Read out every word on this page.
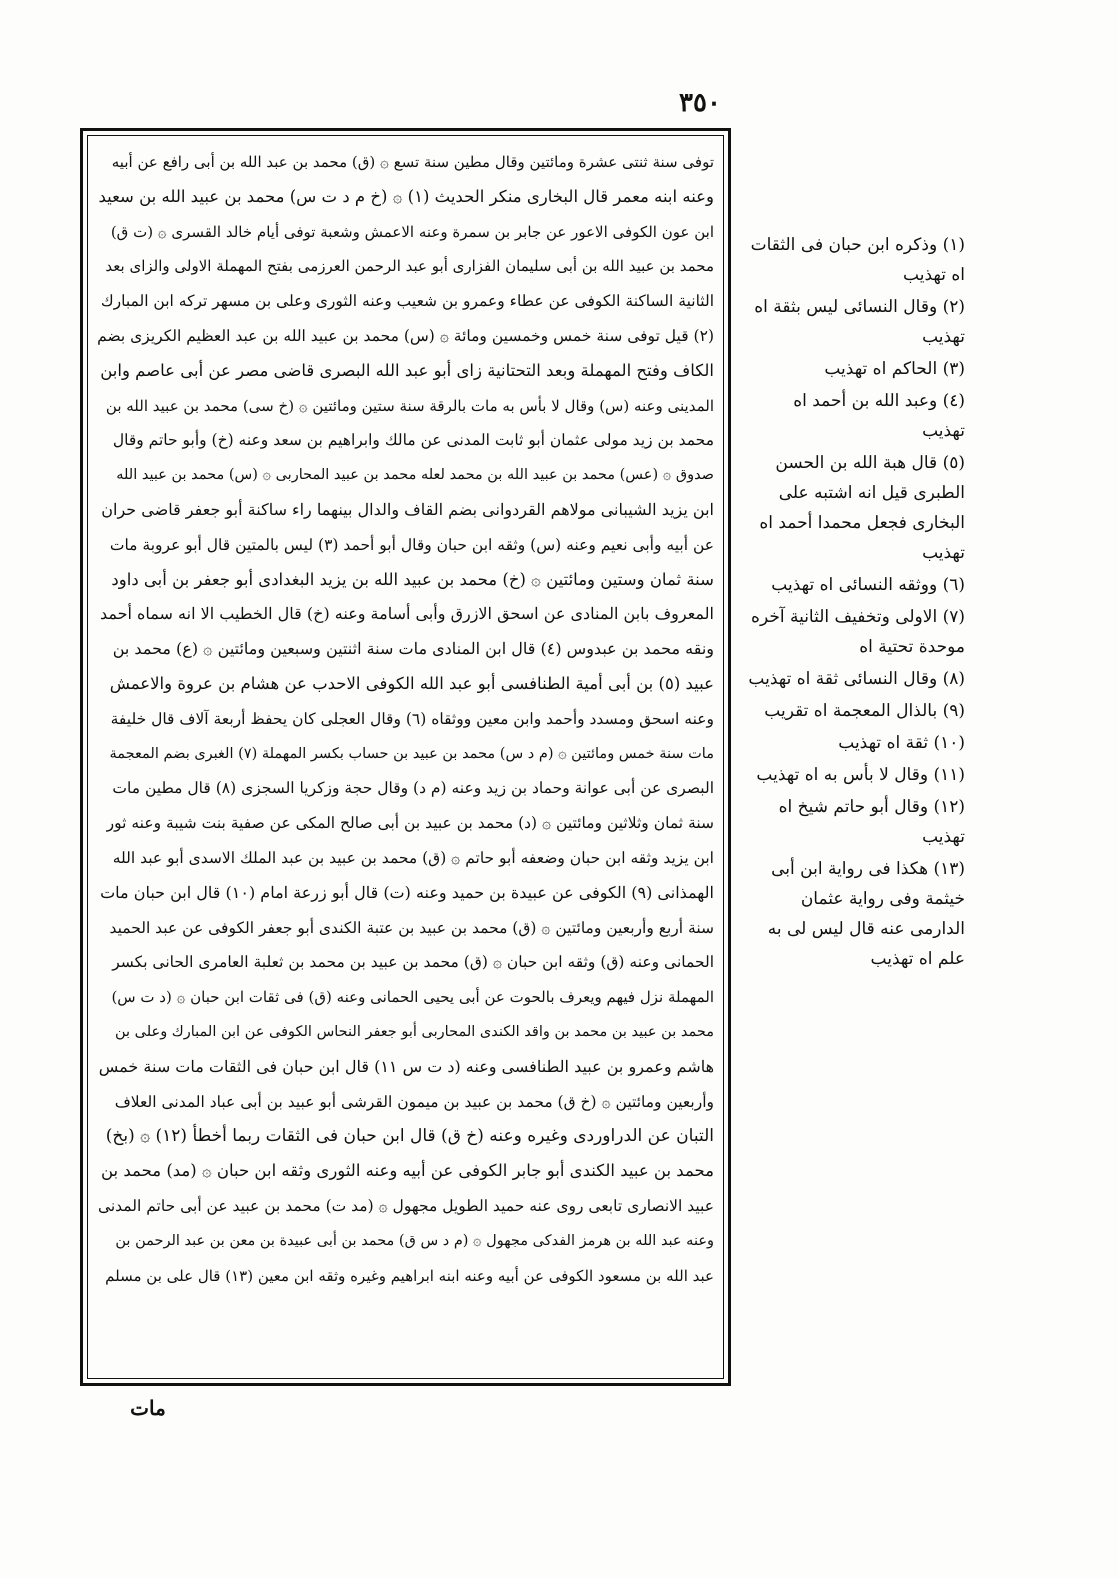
٣٥٠
توفى سنة ثنتى عشرة ومائتين وقال مطين سنة تسع ۞ (ق) محمد بن عبد الله بن أبى رافع عن أبيه
وعنه ابنه معمر قال البخارى منكر الحديث (١) ۞ (خ م د ت س) محمد بن عبيد الله بن سعيد
ابن عون الكوفى الاعور عن جابر بن سمرة وعنه الاعمش وشعبة توفى أيام خالد القسرى ۞ (ت ق)
محمد بن عبيد الله بن أبى سليمان الفزارى أبو عبد الرحمن العرزمى بفتح المهملة الاولى والزاى بعد
الثانية الساكنة الكوفى عن عطاء وعمرو بن شعيب وعنه الثورى وعلى بن مسهر تركه ابن المبارك
(٢) قيل توفى سنة خمس وخمسين ومائة ۞ (س) محمد بن عبيد الله بن عبد العظيم الكريزى بضم
الكاف وفتح المهملة وبعد التحتانية زاى أبو عبد الله البصرى قاضى مصر عن أبى عاصم وابن
المدينى وعنه (س) وقال لا بأس به مات بالرقة سنة ستين ومائتين ۞ (خ سى) محمد بن عبيد الله بن
محمد بن زيد مولى عثمان أبو ثابت المدنى عن مالك وابراهيم بن سعد وعنه (خ) وأبو حاتم وقال
صدوق ۞ (عس) محمد بن عبيد الله بن محمد لعله محمد بن عبيد المحاربى ۞ (س) محمد بن عبيد الله
ابن يزيد الشيبانى مولاهم القردوانى بضم القاف والدال بينهما راء ساكنة أبو جعفر قاضى حران
عن أبيه وأبى نعيم وعنه (س) وثقه ابن حبان وقال أبو أحمد (٣) ليس بالمتين قال أبو عروبة مات
سنة ثمان وستين ومائتين ۞ (خ) محمد بن عبيد الله بن يزيد البغدادى أبو جعفر بن أبى داود
المعروف بابن المنادى عن اسحق الازرق وأبى أسامة وعنه (خ) قال الخطيب الا انه سماه أحمد
ونقه محمد بن عبدوس (٤) قال ابن المنادى مات سنة اثنتين وسبعين ومائتين ۞ (ع) محمد بن
عبيد (٥) بن أبى أمية الطنافسى أبو عبد الله الكوفى الاحدب عن هشام بن عروة والاعمش
وعنه اسحق ومسدد وأحمد وابن معين ووثقاه (٦) وقال العجلى كان يحفظ أربعة آلاف قال خليفة
مات سنة خمس ومائتين ۞ (م د س) محمد بن عبيد بن حساب بكسر المهملة (٧) الغبرى بضم المعجمة
البصرى عن أبى عوانة وحماد بن زيد وعنه (م د) وقال حجة وزكريا السجزى (٨) قال مطين مات
سنة ثمان وثلاثين ومائتين ۞ (د) محمد بن عبيد بن أبى صالح المكى عن صفية بنت شيبة وعنه ثور
ابن يزيد وثقه ابن حبان وضعفه أبو حاتم ۞ (ق) محمد بن عبيد بن عبد الملك الاسدى أبو عبد الله
الهمذانى (٩) الكوفى عن عبيدة بن حميد وعنه (ت) قال أبو زرعة امام (١٠) قال ابن حبان مات
سنة أربع وأربعين ومائتين ۞ (ق) محمد بن عبيد بن عتبة الكندى أبو جعفر الكوفى عن عبد الحميد
الحمانى وعنه (ق) وثقه ابن حبان ۞ (ق) محمد بن عبيد بن محمد بن ثعلبة العامرى الحانى بكسر
المهملة نزل فيهم ويعرف بالحوت عن أبى يحيى الحمانى وعنه (ق) فى ثقات ابن حبان ۞ (د ت س)
محمد بن عبيد بن محمد بن واقد الكندى المحاربى أبو جعفر النحاس الكوفى عن ابن المبارك وعلى بن
هاشم وعمرو بن عبيد الطنافسى وعنه (د ت س ١١) قال ابن حبان فى الثقات مات سنة خمس
وأربعين ومائتين ۞ (خ ق) محمد بن عبيد بن ميمون القرشى أبو عبيد بن أبى عباد المدنى العلاف
التبان عن الدراوردى وغيره وعنه (خ ق) قال ابن حبان فى الثقات ربما أخطأ (١٢) ۞ (بخ)
محمد بن عبيد الكندى أبو جابر الكوفى عن أبيه وعنه الثورى وثقه ابن حبان ۞ (مد) محمد بن
عبيد الانصارى تابعى روى عنه حميد الطويل مجهول ۞ (مد ت) محمد بن عبيد عن أبى حاتم المدنى
وعنه عبد الله بن هرمز الفدكى مجهول ۞ (م د س ق) محمد بن أبى عبيدة بن معن بن عبد الرحمن بن
عبد الله بن مسعود الكوفى عن أبيه وعنه ابنه ابراهيم وغيره وثقه ابن معين (١٣) قال على بن مسلم
(١) وذكره ابن حبان فى الثقات اه تهذيب
(٢) وقال النسائى ليس بثقة اه تهذيب
(٣) الحاكم اه تهذيب
(٤) وعبد الله بن أحمد اه تهذيب
(٥) قال هبة الله بن الحسن الطبرى قيل انه اشتبه على البخارى فجعل محمدا أحمد اه تهذيب
(٦) ووثقه النسائى اه تهذيب
(٧) الاولى وتخفيف الثانية آخره موحدة تحتية اه
(٨) وقال النسائى ثقة اه تهذيب
(٩) بالذال المعجمة اه تقريب
(١٠) ثقة اه تهذيب
(١١) وقال لا بأس به اه تهذيب
(١٢) وقال أبو حاتم شيخ اه تهذيب
(١٣) هكذا فى رواية ابن أبى خيثمة وفى رواية عثمان الدارمى عنه قال ليس لى به علم اه تهذيب
مات
